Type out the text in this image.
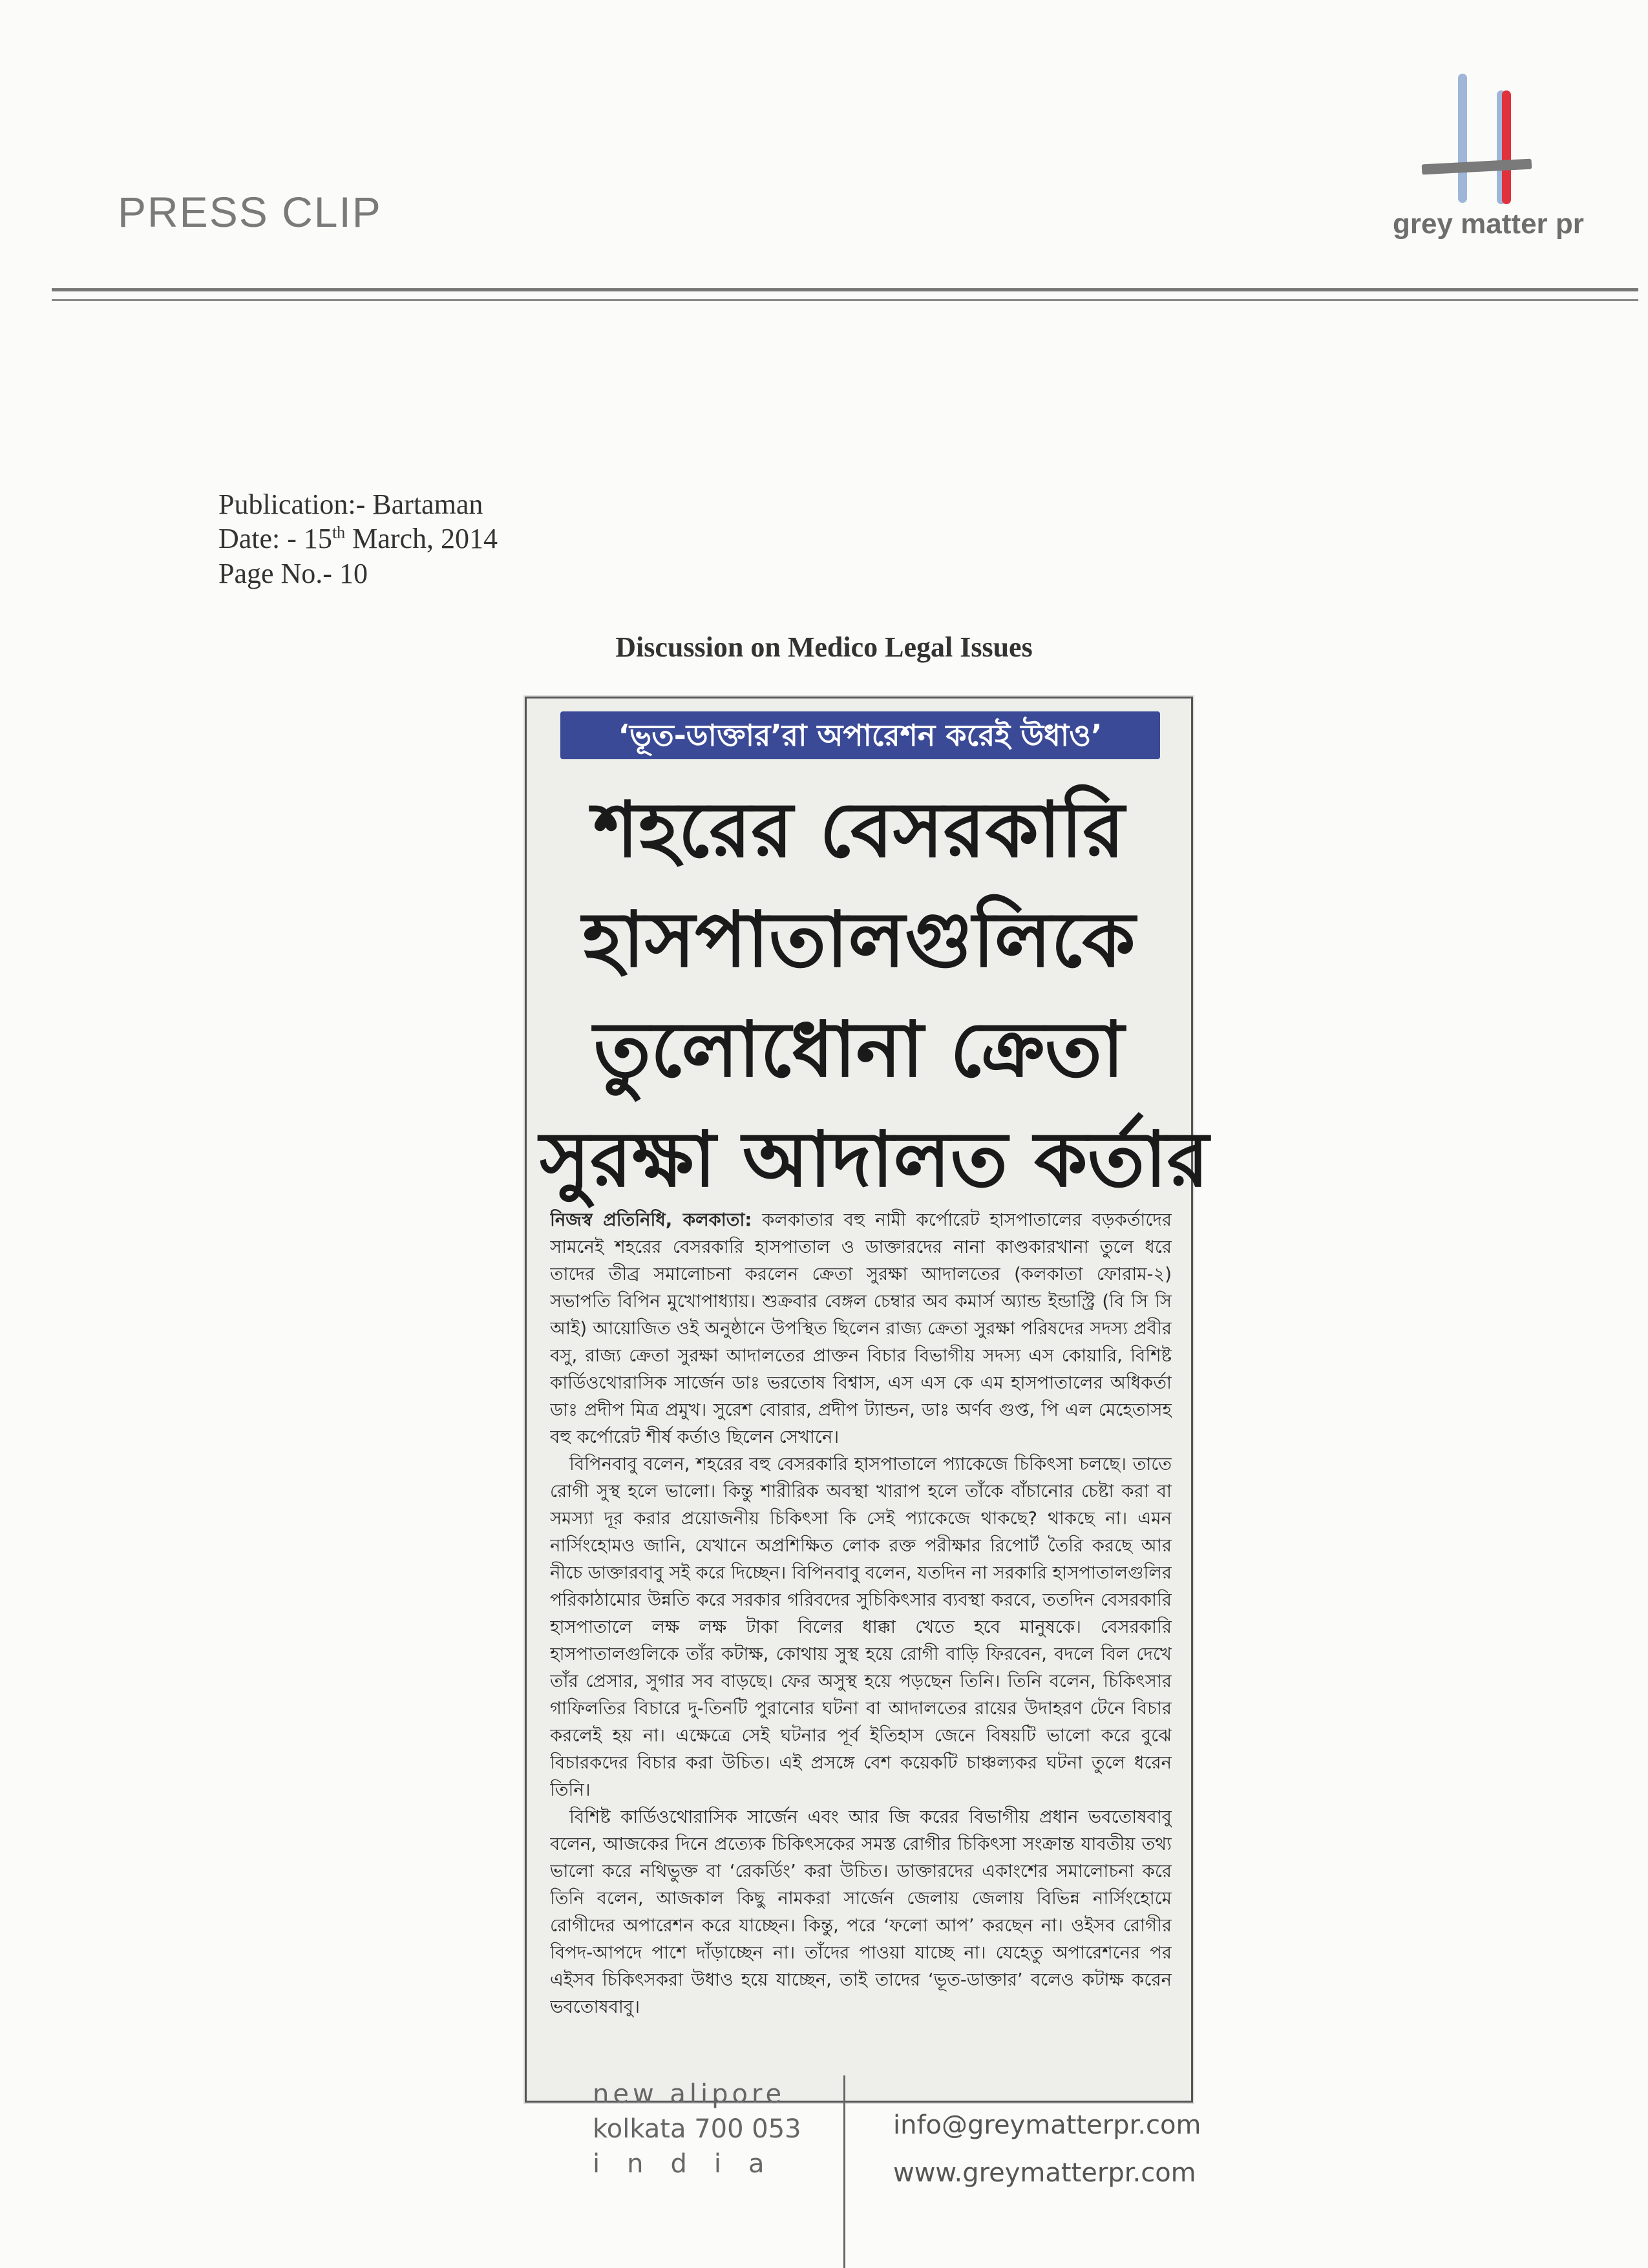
PRESS CLIP	grey matter pr
Publication:- Bartaman
Date: - 15th March, 2014
Page No.- 10
Discussion on Medico Legal Issues
‘ভূত-ডাক্তার’রা অপারেশন করেই উধাও’
শহরের বেসরকারি
হাসপাতালগুলিকে
তুলোধোনা ক্রেতা
সুরক্ষা আদালত কর্তার

নিজস্ব প্রতিনিধি, কলকাতা: কলকাতার বহু নামী কর্পোরেট হাসপাতালের বড়কর্তাদের সামনেই শহরের বেসরকারি হাসপাতাল ও ডাক্তারদের নানা কাণ্ডকারখানা তুলে ধরে তাদের তীব্র সমালোচনা করলেন ক্রেতা সুরক্ষা আদালতের (কলকাতা ফোরাম-২) সভাপতি বিপিন মুখোপাধ্যায়। শুক্রবার বেঙ্গল চেম্বার অব কমার্স অ্যান্ড ইন্ডাস্ট্রি (বি সি সি আই) আয়োজিত ওই অনুষ্ঠানে উপস্থিত ছিলেন রাজ্য ক্রেতা সুরক্ষা পরিষদের সদস্য প্রবীর বসু, রাজ্য ক্রেতা সুরক্ষা আদালতের প্রাক্তন বিচার বিভাগীয় সদস্য এস কোয়ারি, বিশিষ্ট কার্ডিওথোরাসিক সার্জেন ডাঃ ভরতোষ বিশ্বাস, এস এস কে এম হাসপাতালের অধিকর্তা ডাঃ প্রদীপ মিত্র প্রমুখ। সুরেশ বোরার, প্রদীপ ট্যান্ডন, ডাঃ অর্ণব গুপ্ত, পি এল মেহেতাসহ বহু কর্পোরেট শীর্ষ কর্তাও ছিলেন সেখানে।

বিপিনবাবু বলেন, শহরের বহু বেসরকারি হাসপাতালে প্যাকেজে চিকিৎসা চলছে। তাতে রোগী সুস্থ হলে ভালো। কিন্তু শারীরিক অবস্থা খারাপ হলে তাঁকে বাঁচানোর চেষ্টা করা বা সমস্যা দূর করার প্রয়োজনীয় চিকিৎসা কি সেই প্যাকেজে থাকছে? থাকছে না। এমন নার্সিংহোমও জানি, যেখানে অপ্রশিক্ষিত লোক রক্ত পরীক্ষার রিপোর্ট তৈরি করছে আর নীচে ডাক্তারবাবু সই করে দিচ্ছেন। বিপিনবাবু বলেন, যতদিন না সরকারি হাসপাতালগুলির পরিকাঠামোর উন্নতি করে সরকার গরিবদের সুচিকিৎসার ব্যবস্থা করবে, ততদিন বেসরকারি হাসপাতালে লক্ষ লক্ষ টাকা বিলের ধাক্কা খেতে হবে মানুষকে। বেসরকারি হাসপাতালগুলিকে তাঁর কটাক্ষ, কোথায় সুস্থ হয়ে রোগী বাড়ি ফিরবেন, বদলে বিল দেখে তাঁর প্রেসার, সুগার সব বাড়ছে। ফের অসুস্থ হয়ে পড়ছেন তিনি। তিনি বলেন, চিকিৎসার গাফিলতির বিচারে দু-তিনটি পুরানোর ঘটনা বা আদালতের রায়ের উদাহরণ টেনে বিচার করলেই হয় না। এক্ষেত্রে সেই ঘটনার পূর্ব ইতিহাস জেনে বিষয়টি ভালো করে বুঝে বিচারকদের বিচার করা উচিত। এই প্রসঙ্গে বেশ কয়েকটি চাঞ্চল্যকর ঘটনা তুলে ধরেন তিনি।

বিশিষ্ট কার্ডিওথোরাসিক সার্জেন এবং আর জি করের বিভাগীয় প্রধান ভবতোষবাবু বলেন, আজকের দিনে প্রত্যেক চিকিৎসকের সমস্ত রোগীর চিকিৎসা সংক্রান্ত যাবতীয় তথ্য ভালো করে নথিভুক্ত বা ‘রেকর্ডিং’ করা উচিত। ডাক্তারদের একাংশের সমালোচনা করে তিনি বলেন, আজকাল কিছু নামকরা সার্জেন জেলায় জেলায় বিভিন্ন নার্সিংহোমে রোগীদের অপারেশন করে যাচ্ছেন। কিন্তু, পরে ‘ফলো আপ’ করছেন না। ওইসব রোগীর বিপদ-আপদে পাশে দাঁড়াচ্ছেন না। তাঁদের পাওয়া যাচ্ছে না। যেহেতু অপারেশনের পর এইসব চিকিৎসকরা উধাও হয়ে যাচ্ছেন, তাই তাদের ‘ভূত-ডাক্তার’ বলেও কটাক্ষ করেন ভবতোষবাবু।

new alipore
kolkata 700 053
india
info@greymatterpr.com
www.greymatterpr.com
